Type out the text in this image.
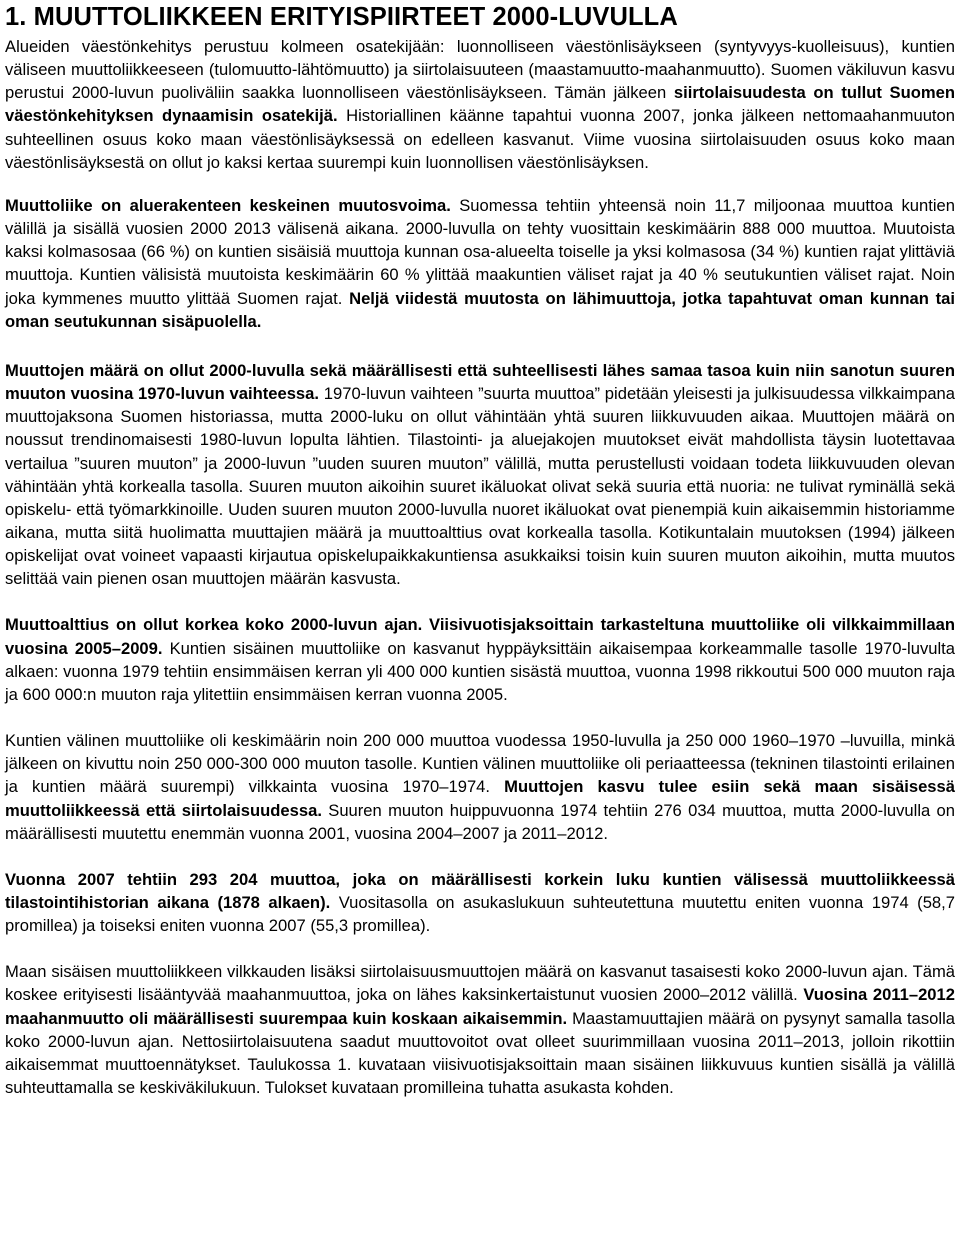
1. MUUTTOLIIKKEEN ERITYISPIIRTEET 2000-LUVULLA

Alueiden väestönkehitys perustuu kolmeen osatekijään: luonnolliseen väestönlisäykseen (syntyvyys-kuolleisuus), kuntien väliseen muuttoliikkeeseen (tulomuutto-lähtömuutto) ja siirtolaisuuteen (maastamuutto-maahanmuutto). Suomen väkiluvun kasvu perustui 2000-luvun puoliväliin saakka luonnolliseen väestönlisäykseen. Tämän jälkeen siirtolaisuudesta on tullut Suomen väestönkehityksen dynaamisin osatekijä. Historiallinen käänne tapahtui vuonna 2007, jonka jälkeen nettomaahanmuuton suhteellinen osuus koko maan väestönlisäyksessä on edelleen kasvanut. Viime vuosina siirtolaisuuden osuus koko maan väestönlisäyksestä on ollut jo kaksi kertaa suurempi kuin luonnollisen väestönlisäyksen.

Muuttoliike on aluerakenteen keskeinen muutosvoima. Suomessa tehtiin yhteensä noin 11,7 miljoonaa muuttoa kuntien välillä ja sisällä vuosien 2000 2013 välisenä aikana. 2000-luvulla on tehty vuosittain keskimäärin 888 000 muuttoa. Muutoista kaksi kolmasosaa (66 %) on kuntien sisäisiä muuttoja kunnan osa-alueelta toiselle ja yksi kolmasosa (34 %) kuntien rajat ylittäviä muuttoja. Kuntien välisistä muutoista keskimäärin 60 % ylittää maakuntien väliset rajat ja 40 % seutukuntien väliset rajat. Noin joka kymmenes muutto ylittää Suomen rajat. Neljä viidestä muutosta on lähimuuttoja, jotka tapahtuvat oman kunnan tai oman seutukunnan sisäpuolella.

Muuttojen määrä on ollut 2000-luvulla sekä määrällisesti että suhteellisesti lähes samaa tasoa kuin niin sanotun suuren muuton vuosina 1970-luvun vaihteessa. 1970-luvun vaihteen ”suurta muuttoa” pidetään yleisesti ja julkisuudessa vilkkaimpana muuttojaksona Suomen historiassa, mutta 2000-luku on ollut vähintään yhtä suuren liikkuvuuden aikaa. Muuttojen määrä on noussut trendinomaisesti 1980-luvun lopulta lähtien. Tilastointi- ja aluejakojen muutokset eivät mahdollista täysin luotettavaa vertailua ”suuren muuton” ja 2000-luvun ”uuden suuren muuton” välillä, mutta perustellusti voidaan todeta liikkuvuuden olevan vähintään yhtä korkealla tasolla. Suuren muuton aikoihin suuret ikäluokat olivat sekä suuria että nuoria: ne tulivat ryminällä sekä opiskelu- että työmarkkinoille. Uuden suuren muuton 2000-luvulla nuoret ikäluokat ovat pienempiä kuin aikaisemmin historiamme aikana, mutta siitä huolimatta muuttajien määrä ja muuttoalttius ovat korkealla tasolla. Kotikuntalain muutoksen (1994) jälkeen opiskelijat ovat voineet vapaasti kirjautua opiskelupaikkakuntiensa asukkaiksi toisin kuin suuren muuton aikoihin, mutta muutos selittää vain pienen osan muuttojen määrän kasvusta.

Muuttoalttius on ollut korkea koko 2000-luvun ajan. Viisivuotisjaksoittain tarkasteltuna muuttoliike oli vilkkaimmillaan vuosina 2005–2009. Kuntien sisäinen muuttoliike on kasvanut hyppäyksittäin aikaisempaa korkeammalle tasolle 1970-luvulta alkaen: vuonna 1979 tehtiin ensimmäisen kerran yli 400 000 kuntien sisästä muuttoa, vuonna 1998 rikkoutui 500 000 muuton raja ja 600 000:n muuton raja ylitettiin ensimmäisen kerran vuonna 2005.

Kuntien välinen muuttoliike oli keskimäärin noin 200 000 muuttoa vuodessa 1950-luvulla ja 250 000 1960–1970 –luvuilla, minkä jälkeen on kivuttu noin 250 000-300 000 muuton tasolle. Kuntien välinen muuttoliike oli periaatteessa (tekninen tilastointi erilainen ja kuntien määrä suurempi) vilkkainta vuosina 1970–1974. Muuttojen kasvu tulee esiin sekä maan sisäisessä muuttoliikkeessä että siirtolaisuudessa. Suuren muuton huippuvuonna 1974 tehtiin 276 034 muuttoa, mutta 2000-luvulla on määrällisesti muutettu enemmän vuonna 2001, vuosina 2004–2007 ja 2011–2012.

Vuonna 2007 tehtiin 293 204 muuttoa, joka on määrällisesti korkein luku kuntien välisessä muuttoliikkeessä tilastointihistorian aikana (1878 alkaen). Vuositasolla on asukaslukuun suhteutettuna muutettu eniten vuonna 1974 (58,7 promillea) ja toiseksi eniten vuonna 2007 (55,3 promillea).

Maan sisäisen muuttoliikkeen vilkkauden lisäksi siirtolaisuusmuuttojen määrä on kasvanut tasaisesti koko 2000-luvun ajan. Tämä koskee erityisesti lisääntyvää maahanmuuttoa, joka on lähes kaksinkertaistunut vuosien 2000–2012 välillä. Vuosina 2011–2012 maahanmuutto oli määrällisesti suurempaa kuin koskaan aikaisemmin. Maastamuuttajien määrä on pysynyt samalla tasolla koko 2000-luvun ajan. Nettosiirtolaisuutena saadut muuttovoitot ovat olleet suurimmillaan vuosina 2011–2013, jolloin rikottiin aikaisemmat muuttoennätykset. Taulukossa 1. kuvataan viisivuotisjaksoittain maan sisäinen liikkuvuus kuntien sisällä ja välillä suhteuttamalla se keskiväkilukuun. Tulokset kuvataan promilleina tuhatta asukasta kohden.
